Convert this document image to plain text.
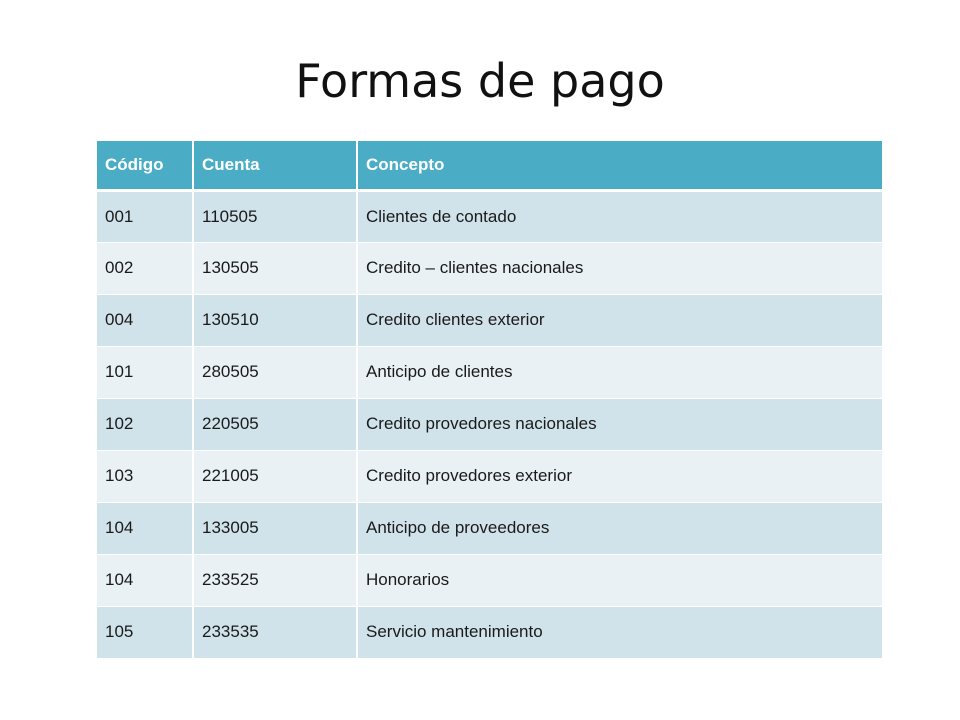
Formas de pago
Código	Cuenta	Concepto
001	110505	Clientes de contado
002	130505	Credito – clientes nacionales
004	130510	Credito clientes exterior
101	280505	Anticipo de clientes
102	220505	Credito provedores nacionales
103	221005	Credito provedores exterior
104	133005	Anticipo de proveedores
104	233525	Honorarios
105	233535	Servicio mantenimiento
